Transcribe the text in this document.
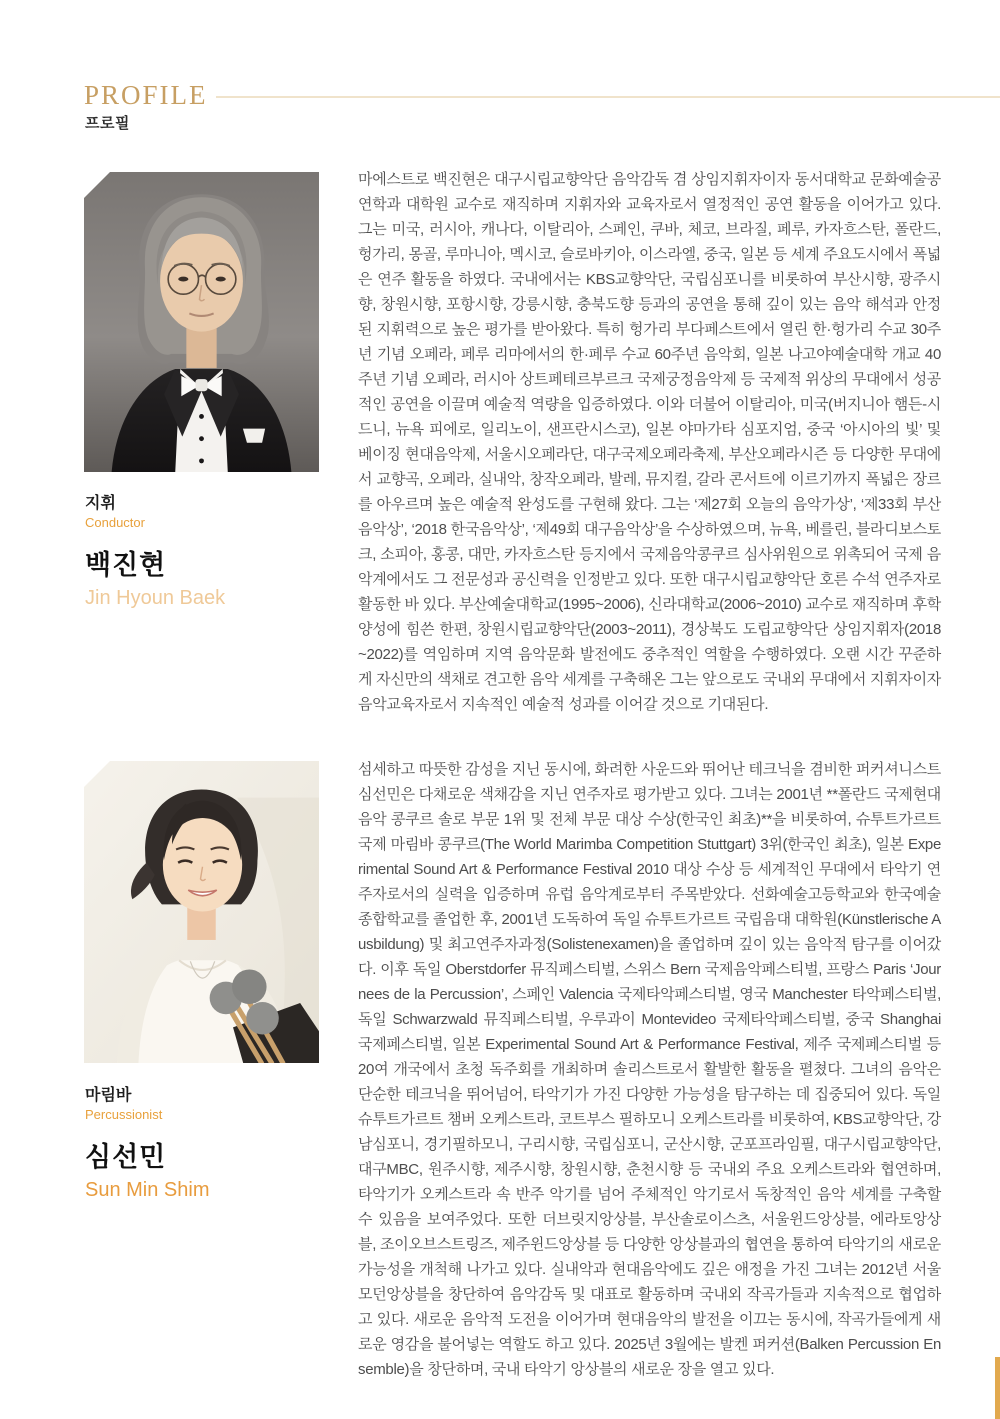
PROFILE
프로필
지휘
Conductor
백진현
Jin Hyoun Baek

마에스트로 백진현은 대구시립교향악단 음악감독 겸 상임지휘자이자 동서대학교 문화예술공연학과 대학원 교수로 재직하며 지휘자와 교육자로서 열정적인 공연 활동을 이어가고 있다. 그는 미국, 러시아, 캐나다, 이탈리아, 스페인, 쿠바, 체코, 브라질, 페루, 카자흐스탄, 폴란드, 헝가리, 몽골, 루마니아, 멕시코, 슬로바키아, 이스라엘, 중국, 일본 등 세계 주요도시에서 폭넓은 연주 활동을 하였다. 국내에서는 KBS교향악단, 국립심포니를 비롯하여 부산시향, 광주시향, 창원시향, 포항시향, 강릉시향, 충북도향 등과의 공연을 통해 깊이 있는 음악 해석과 안정된 지휘력으로 높은 평가를 받아왔다. 특히 헝가리 부다페스트에서 열린 한·헝가리 수교 30주년 기념 오페라, 페루 리마에서의 한·페루 수교 60주년 음악회, 일본 나고야예술대학 개교 40주년 기념 오페라, 러시아 상트페테르부르크 국제궁정음악제 등 국제적 위상의 무대에서 성공적인 공연을 이끌며 예술적 역량을 입증하였다. 이와 더불어 이탈리아, 미국(버지니아 햄든-시드니, 뉴욕 피에로, 일리노이, 샌프란시스코), 일본 야마가타 심포지엄, 중국 ‘아시아의 빛’ 및 베이징 현대음악제, 서울시오페라단, 대구국제오페라축제, 부산오페라시즌 등 다양한 무대에서 교향곡, 오페라, 실내악, 창작오페라, 발레, 뮤지컬, 갈라 콘서트에 이르기까지 폭넓은 장르를 아우르며 높은 예술적 완성도를 구현해 왔다. 그는 ‘제27회 오늘의 음악가상’, ‘제33회 부산음악상’, ‘2018 한국음악상’, ‘제49회 대구음악상’을 수상하였으며, 뉴욕, 베를린, 블라디보스토크, 소피아, 홍콩, 대만, 카자흐스탄 등지에서 국제음악콩쿠르 심사위원으로 위촉되어 국제 음악계에서도 그 전문성과 공신력을 인정받고 있다. 또한 대구시립교향악단 호른 수석 연주자로 활동한 바 있다. 부산예술대학교(1995~2006), 신라대학교(2006~2010) 교수로 재직하며 후학 양성에 힘쓴 한편, 창원시립교향악단(2003~2011), 경상북도 도립교향악단 상임지휘자(2018~2022)를 역임하며 지역 음악문화 발전에도 중추적인 역할을 수행하였다. 오랜 시간 꾸준하게 자신만의 색채로 견고한 음악 세계를 구축해온 그는 앞으로도 국내외 무대에서 지휘자이자 음악교육자로서 지속적인 예술적 성과를 이어갈 것으로 기대된다.

마림바
Percussionist
심선민
Sun Min Shim

섬세하고 따뜻한 감성을 지닌 동시에, 화려한 사운드와 뛰어난 테크닉을 겸비한 퍼커셔니스트 심선민은 다채로운 색채감을 지닌 연주자로 평가받고 있다. 그녀는 2001년 **폴란드 국제현대음악 콩쿠르 솔로 부문 1위 및 전체 부문 대상 수상(한국인 최초)**을 비롯하여, 슈투트가르트 국제 마림바 콩쿠르(The World Marimba Competition Stuttgart) 3위(한국인 최초), 일본 Experimental Sound Art & Performance Festival 2010 대상 수상 등 세계적인 무대에서 타악기 연주자로서의 실력을 입증하며 유럽 음악계로부터 주목받았다. 선화예술고등학교와 한국예술종합학교를 졸업한 후, 2001년 도독하여 독일 슈투트가르트 국립음대 대학원(Künstlerische Ausbildung) 및 최고연주자과정(Solistenexamen)을 졸업하며 깊이 있는 음악적 탐구를 이어갔다. 이후 독일 Oberstdorfer 뮤직페스티벌, 스위스 Bern 국제음악페스티벌, 프랑스 Paris ‘Journees de la Percussion’, 스페인 Valencia 국제타악페스티벌, 영국 Manchester 타악페스티벌, 독일 Schwarzwald 뮤직페스티벌, 우루과이 Montevideo 국제타악페스티벌, 중국 Shanghai 국제페스티벌, 일본 Experimental Sound Art & Performance Festival, 제주 국제페스티벌 등 20여 개국에서 초청 독주회를 개최하며 솔리스트로서 활발한 활동을 펼쳤다. 그녀의 음악은 단순한 테크닉을 뛰어넘어, 타악기가 가진 다양한 가능성을 탐구하는 데 집중되어 있다. 독일 슈투트가르트 챔버 오케스트라, 코트부스 필하모니 오케스트라를 비롯하여, KBS교향악단, 강남심포니, 경기필하모니, 구리시향, 국립심포니, 군산시향, 군포프라임필, 대구시립교향악단, 대구MBC, 원주시향, 제주시향, 창원시향, 춘천시향 등 국내외 주요 오케스트라와 협연하며, 타악기가 오케스트라 속 반주 악기를 넘어 주체적인 악기로서 독창적인 음악 세계를 구축할 수 있음을 보여주었다. 또한 더브릿지앙상블, 부산솔로이스츠, 서울윈드앙상블, 에라토앙상블, 조이오브스트링즈, 제주윈드앙상블 등 다양한 앙상블과의 협연을 통하여 타악기의 새로운 가능성을 개척해 나가고 있다. 실내악과 현대음악에도 깊은 애정을 가진 그녀는 2012년 서울모던앙상블을 창단하여 음악감독 및 대표로 활동하며 국내외 작곡가들과 지속적으로 협업하고 있다. 새로운 음악적 도전을 이어가며 현대음악의 발전을 이끄는 동시에, 작곡가들에게 새로운 영감을 불어넣는 역할도 하고 있다. 2025년 3월에는 발켄 퍼커션(Balken Percussion Ensemble)을 창단하며, 국내 타악기 앙상블의 새로운 장을 열고 있다.
